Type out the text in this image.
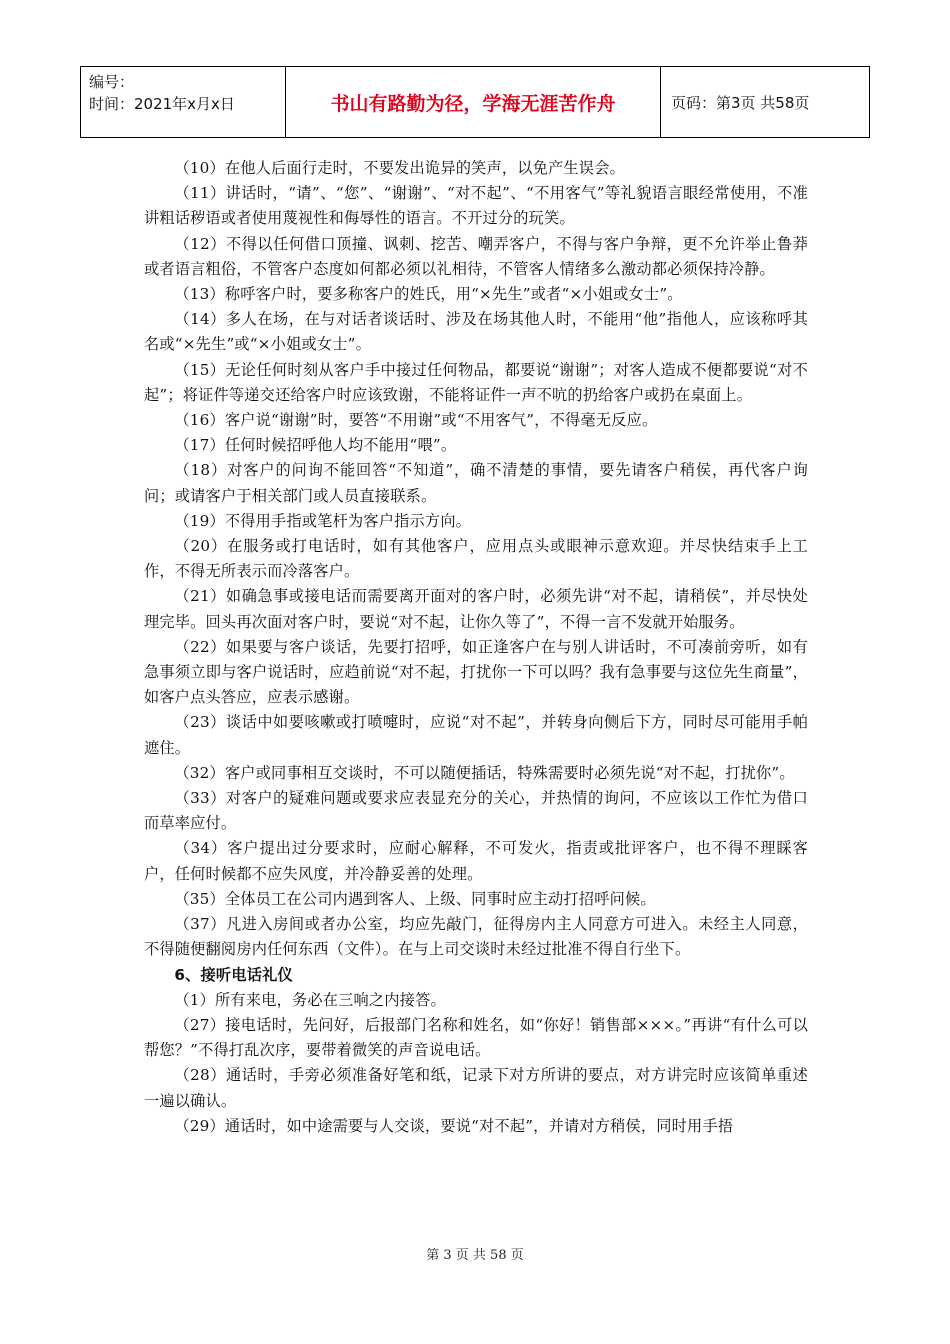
编号：
时间：2021年x月x日	书山有路勤为径，学海无涯苦作舟	页码：第3页 共58页

（10）在他人后面行走时，不要发出诡异的笑声，以免产生误会。

（11）讲话时，“请”、“您”、“谢谢”、“对不起”、“不用客气”等礼貌语言眼经常使用，不准讲粗话秽语或者使用蔑视性和侮辱性的语言。不开过分的玩笑。

（12）不得以任何借口顶撞、讽刺、挖苦、嘲弄客户，不得与客户争辩，更不允许举止鲁莽或者语言粗俗，不管客户态度如何都必须以礼相待，不管客人情绪多么激动都必须保持冷静。

（13）称呼客户时，要多称客户的姓氏，用“×先生”或者“×小姐或女士”。

（14）多人在场，在与对话者谈话时、涉及在场其他人时，不能用“他”指他人，应该称呼其名或“×先生”或“×小姐或女士”。

（15）无论任何时刻从客户手中接过任何物品，都要说“谢谢”；对客人造成不便都要说“对不起”；将证件等递交还给客户时应该致谢，不能将证件一声不吭的扔给客户或扔在桌面上。

（16）客户说“谢谢”时，要答“不用谢”或“不用客气”，不得毫无反应。

（17）任何时候招呼他人均不能用“喂”。

（18）对客户的问询不能回答“不知道”，确不清楚的事情，要先请客户稍侯，再代客户询问；或请客户于相关部门或人员直接联系。

（19）不得用手指或笔杆为客户指示方向。

（20）在服务或打电话时，如有其他客户，应用点头或眼神示意欢迎。并尽快结束手上工作，不得无所表示而冷落客户。

（21）如确急事或接电话而需要离开面对的客户时，必须先讲“对不起，请稍侯”，并尽快处理完毕。回头再次面对客户时，要说“对不起，让你久等了”，不得一言不发就开始服务。

（22）如果要与客户谈话，先要打招呼，如正逢客户在与别人讲话时，不可凑前旁听，如有急事须立即与客户说话时，应趋前说“对不起，打扰你一下可以吗？我有急事要与这位先生商量”，如客户点头答应，应表示感谢。

（23）谈话中如要咳嗽或打喷嚏时，应说“对不起”，并转身向侧后下方，同时尽可能用手帕遮住。

（32）客户或同事相互交谈时，不可以随便插话，特殊需要时必须先说“对不起，打扰你”。

（33）对客户的疑难问题或要求应表显充分的关心，并热情的询问，不应该以工作忙为借口而草率应付。

（34）客户提出过分要求时，应耐心解释，不可发火，指责或批评客户，也不得不理睬客户，任何时候都不应失风度，并冷静妥善的处理。

（35）全体员工在公司内遇到客人、上级、同事时应主动打招呼问候。

（37）凡进入房间或者办公室，均应先敲门，征得房内主人同意方可进入。未经主人同意，不得随便翻阅房内任何东西（文件）。在与上司交谈时未经过批准不得自行坐下。

6、接听电话礼仪

（1）所有来电，务必在三响之内接答。

（27）接电话时，先问好，后报部门名称和姓名，如“你好！销售部×××。”再讲“有什么可以帮您？”不得打乱次序，要带着微笑的声音说电话。

（28）通话时，手旁必须准备好笔和纸，记录下对方所讲的要点，对方讲完时应该简单重述一遍以确认。

（29）通话时，如中途需要与人交谈，要说“对不起”，并请对方稍侯，同时用手捂

第 3 页 共 58 页
